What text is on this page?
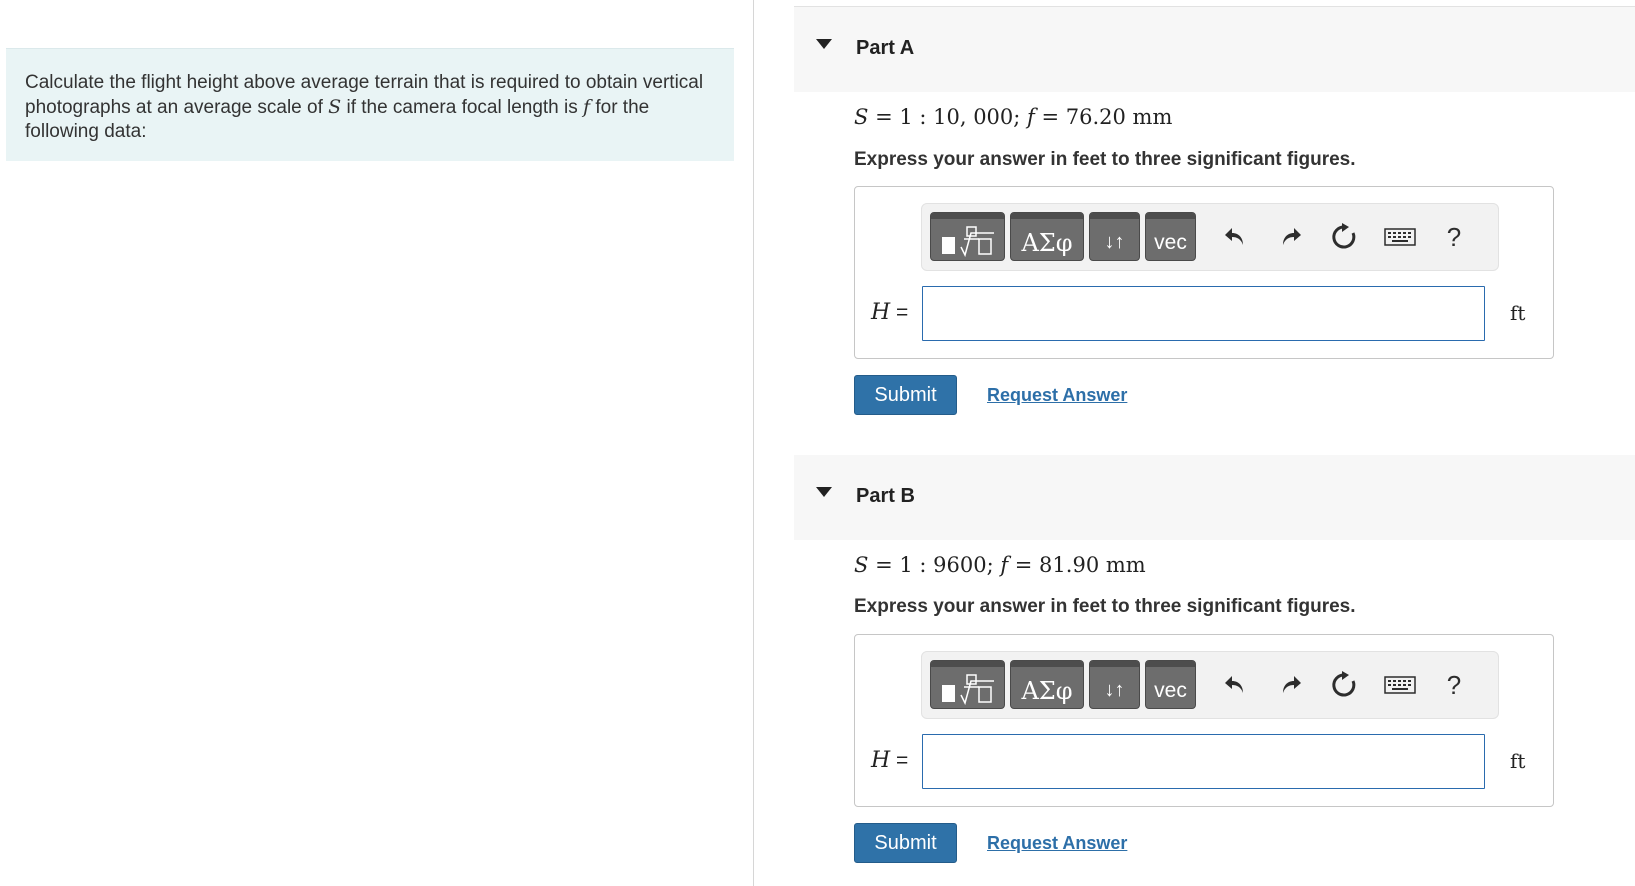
Calculate the flight height above average terrain that is required to obtain vertical photographs at an average scale of S if the camera focal length is f for the following data:
Part A
S = 1 : 10, 000; f = 76.20 mm
Express your answer in feet to three significant figures.
ΑΣφ ↓↑ vec	?
H =	ft
Submit	Request Answer
Part B
S = 1 : 9600; f = 81.90 mm
Express your answer in feet to three significant figures.
ΑΣφ ↓↑ vec	?
H =	ft
Submit	Request Answer
